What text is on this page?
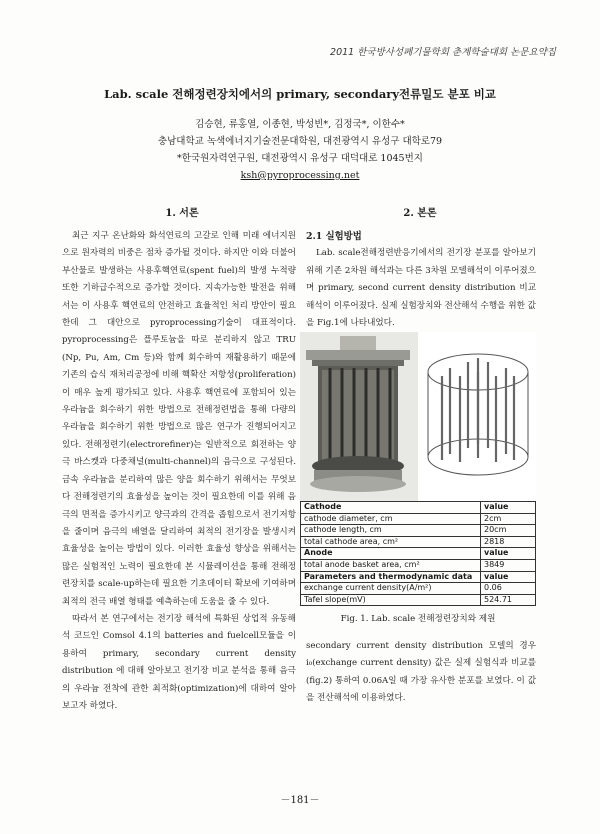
2011 한국방사성폐기물학회 춘계학술대회 논문요약집
Lab. scale 전해정련장치에서의 primary, secondary전류밀도 분포 비교
김승현, 류홍열, 이종현, 박성빈*, 김정국*, 이한수*
충남대학교 녹색에너지기술전문대학원, 대전광역시 유성구 대학로79
*한국원자력연구원, 대전광역시 유성구 대덕대로 1045번지
ksh@pyroprocessing.net
1. 서론	2. 본론

최근 지구 온난화와 화석연료의 고갈로 인해 미래 에너지원으로 원자력의 비중은 점차 증가될 것이다. 하지만 이와 더불어 부산물로 발생하는 사용후핵연료(spent fuel)의 발생 누적량 또한 기하급수적으로 증가할 것이다. 지속가능한 발전을 위해서는 이 사용후 핵연료의 안전하고 효율적인 처리 방안이 필요한데 그 대안으로 pyroprocessing기술이 대표적이다. pyroprocessing은 플루토늄을 따로 분리하지 않고 TRU (Np, Pu, Am, Cm 등)와 함께 회수하여 재활용하기 때문에 기존의 습식 재처리공정에 비해 핵확산 저항성(proliferation)이 매우 높게 평가되고 있다. 사용후 핵연료에 포함되어 있는 우라늄을 회수하기 위한 방법으로 전해정련법을 통해 다량의 우라늄을 회수하기 위한 방법으로 많은 연구가 진행되어지고 있다. 전해정련기(electrorefiner)는 일반적으로 회전하는 양극 바스켓과 다중채널(multi-channel)의 음극으로 구성된다. 금속 우라늄을 분리하여 많은 양을 회수하기 위해서는 무엇보다 전해정련기의 효율성을 높이는 것이 필요한데 이를 위해 음극의 면적을 증가시키고 양극과의 간격을 좁힘으로서 전기저항을 줄이며 음극의 배열을 달리하여 최적의 전기장을 발생시켜 효율성을 높이는 방법이 있다. 이러한 효율성 향상을 위해서는 많은 실험적인 노력이 필요한데 본 시뮬레이션을 통해 전해정련장치를 scale-up하는데 필요한 기초데이터 확보에 기여하며 최적의 전극 배열 형태를 예측하는데 도움을 줄 수 있다.

따라서 본 연구에서는 전기장 해석에 특화된 상업적 유동해석 코드인 Comsol 4.1의 batteries and fuelcell모듈을 이용하여 primary, secondary current density distribution 에 대해 알아보고 전기장 비교 분석을 통해 음극의 우라늄 전착에 관한 최적화(optimization)에 대하여 알아보고자 하였다.

2.1 실험방법

Lab. scale전해정련반응기에서의 전기장 분포를 알아보기 위해 기존 2차원 해석과는 다른 3차원 모델해석이 이루어졌으며 primary, second current density distribution 비교 해석이 이루어졌다. 실제 실험장치와 전산해석 수행을 위한 값을 Fig.1에 나타내었다.

Cathode	value
cathode diameter, cm	2cm
cathode length, cm	20cm
total cathode area, cm²	2818
Anode	value
total anode basket area, cm²	3849
Parameters and thermodynamic data	value
exchange current density(A/m²)	0.06
Tafel slope(mV)	524.71
Fig. 1. Lab. scale 전해정련장치와 제원

secondary current density distribution 모델의 경우 i₀(exchange current density) 값은 실제 실험식과 비교를(fig.2) 통하여 0.06A일 때 가장 유사한 분포를 보였다. 이 값을 전산해석에 이용하였다.

－181－
